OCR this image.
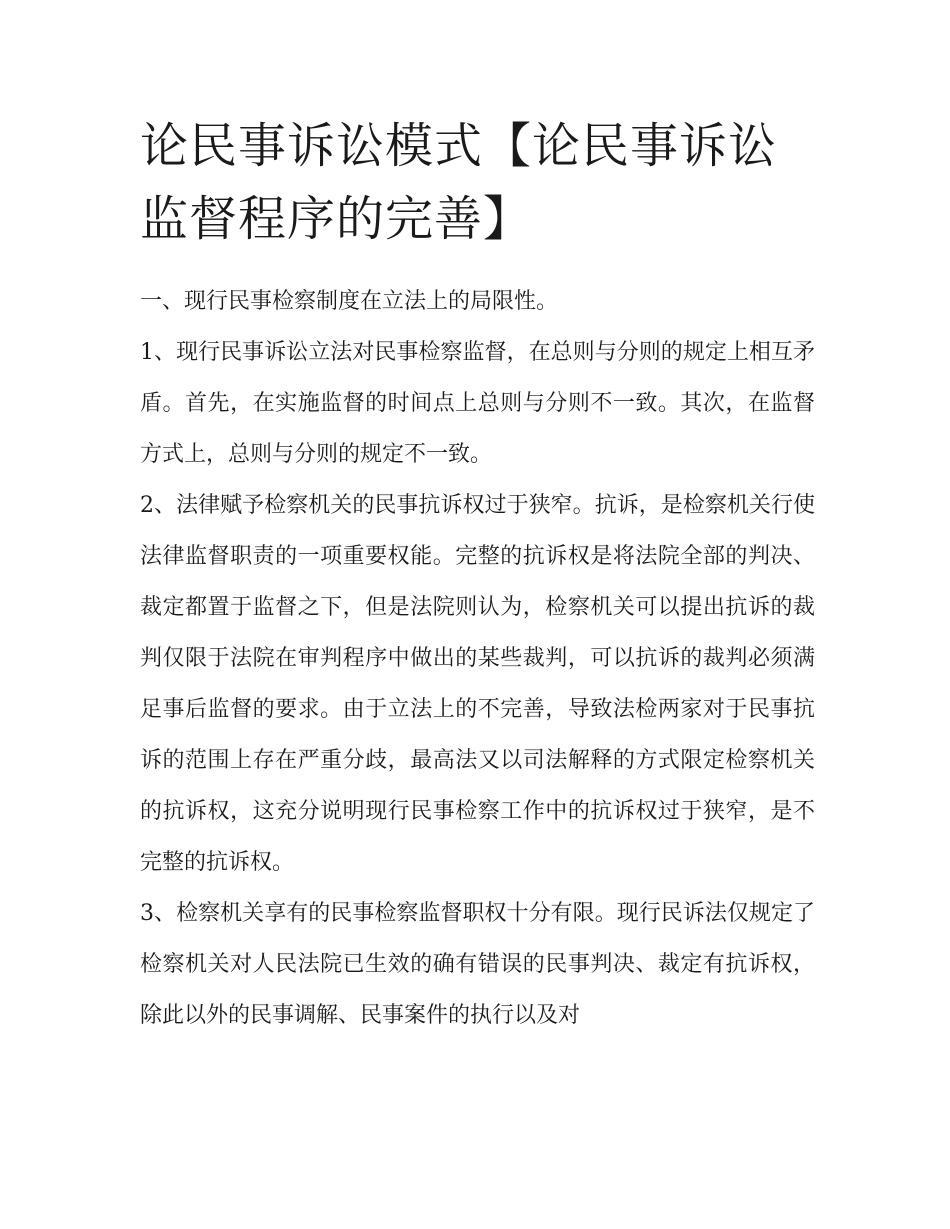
论民事诉讼模式【论民事诉讼监督程序的完善】

一、现行民事检察制度在立法上的局限性。

1、现行民事诉讼立法对民事检察监督，在总则与分则的规定上相互矛盾。首先，在实施监督的时间点上总则与分则不一致。其次，在监督方式上，总则与分则的规定不一致。

2、法律赋予检察机关的民事抗诉权过于狭窄。抗诉，是检察机关行使法律监督职责的一项重要权能。完整的抗诉权是将法院全部的判决、裁定都置于监督之下，但是法院则认为，检察机关可以提出抗诉的裁判仅限于法院在审判程序中做出的某些裁判，可以抗诉的裁判必须满足事后监督的要求。由于立法上的不完善，导致法检两家对于民事抗诉的范围上存在严重分歧，最高法又以司法解释的方式限定检察机关的抗诉权，这充分说明现行民事检察工作中的抗诉权过于狭窄，是不完整的抗诉权。

3、检察机关享有的民事检察监督职权十分有限。现行民诉法仅规定了检察机关对人民法院已生效的确有错误的民事判决、裁定有抗诉权，除此以外的民事调解、民事案件的执行以及对
